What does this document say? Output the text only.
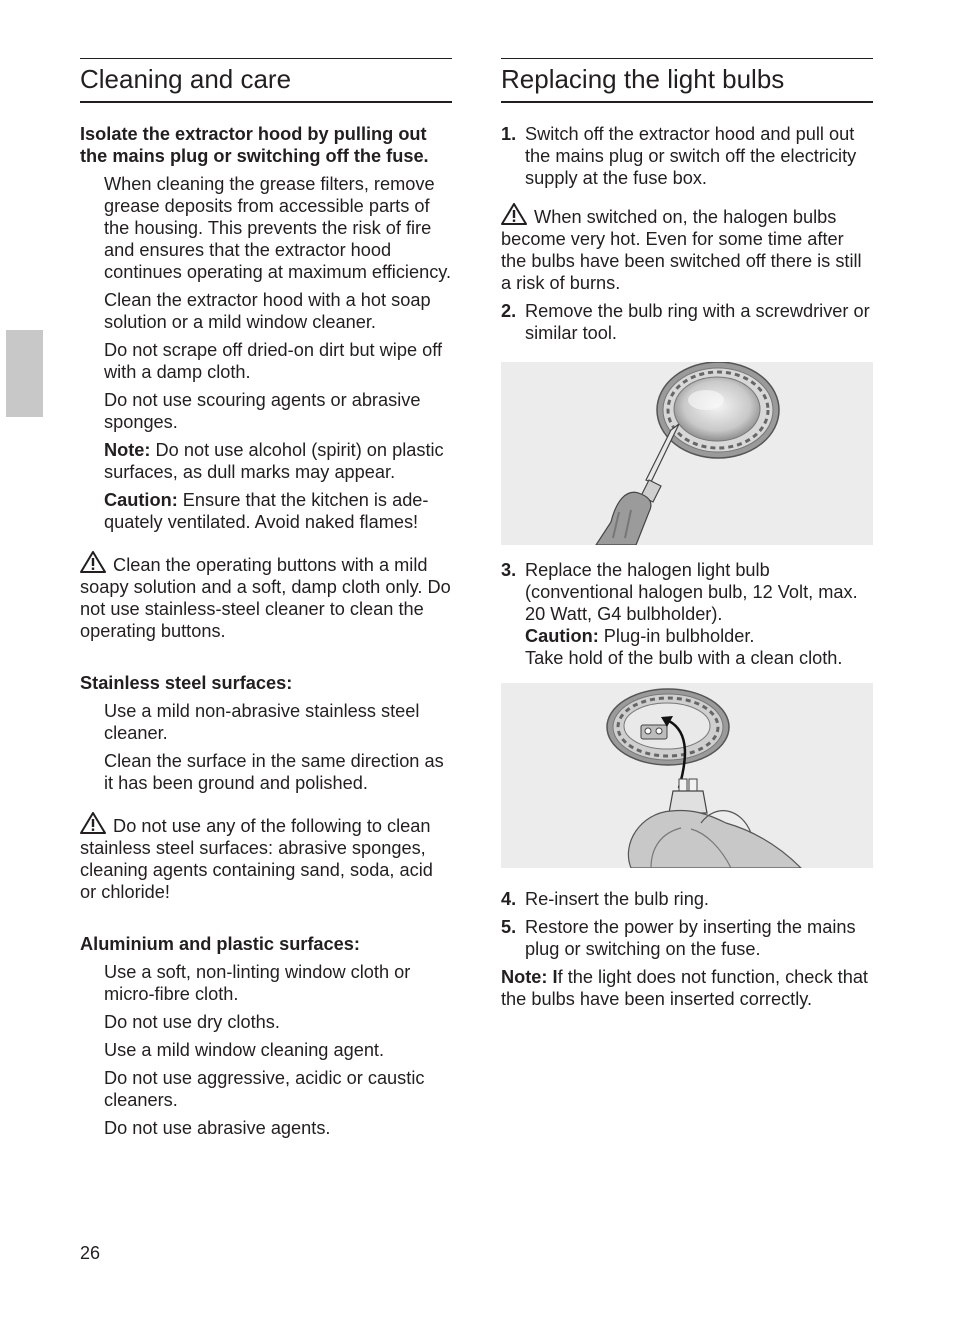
Cleaning and care
Isolate the extractor hood by pulling out the mains plug or switching off the fuse.
When cleaning the grease filters, remove grease deposits from accessible parts of the housing. This prevents the risk of fire and ensures that the extractor hood continues operating at maximum efficiency.
Clean the extractor hood with a hot soap solution or a mild window cleaner.
Do not scrape off dried-on dirt but wipe off with a damp cloth.
Do not use scouring agents or abrasive sponges.
Note: Do not use alcohol (spirit) on plastic surfaces, as dull marks may appear.
Caution: Ensure that the kitchen is ade-quately ventilated. Avoid naked flames!
Clean the operating buttons with a mild soapy solution and a soft, damp cloth only. Do not use stainless-steel cleaner to clean the operating buttons.
Stainless steel surfaces:
Use a mild non-abrasive stainless steel cleaner.
Clean the surface in the same direction as it has been ground and polished.
Do not use any of the following to clean stainless steel surfaces: abrasive sponges, cleaning agents containing sand, soda, acid or chloride!
Aluminium and plastic surfaces:
Use a soft, non-linting window cloth or micro-fibre cloth.
Do not use dry cloths.
Use a mild window cleaning agent.
Do not use aggressive, acidic or caustic cleaners.
Do not use abrasive agents.
Replacing the light bulbs
1. Switch off the extractor hood and pull out the mains plug or switch off the electricity supply at the fuse box.
When switched on, the halogen bulbs become very hot. Even for some time after the bulbs have been switched off there is still a risk of burns.
2. Remove the bulb ring with a screwdriver or similar tool.
3. Replace the halogen light bulb (conventional halogen bulb, 12 Volt, max. 20 Watt, G4 bulbholder).
Caution: Plug-in bulbholder.
Take hold of the bulb with a clean cloth.
4. Re-insert the bulb ring.
5. Restore the power by inserting the mains plug or switching on the fuse.
Note: If the light does not function, check that the bulbs have been inserted correctly.
26
